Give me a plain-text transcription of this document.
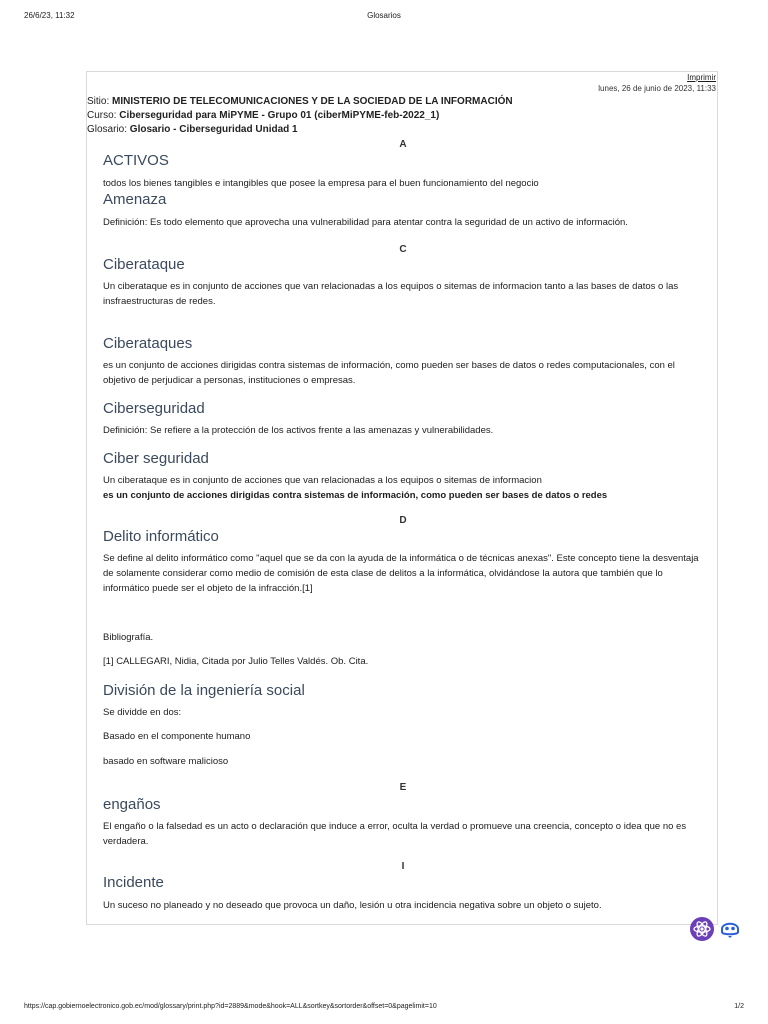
26/6/23, 11:32	Glosarios
Imprimir
lunes, 26 de junio de 2023, 11:33
Sitio: MINISTERIO DE TELECOMUNICACIONES Y DE LA SOCIEDAD DE LA INFORMACIÓN
Curso: Ciberseguridad para MiPYME - Grupo 01 (ciberMiPYME-feb-2022_1)
Glosario: Glosario - Ciberseguridad Unidad 1
A
ACTIVOS

todos los bienes tangibles e intangibles que posee la empresa para el buen funcionamiento del negocio

Amenaza

Definición: Es todo elemento que aprovecha una vulnerabilidad para atentar contra la seguridad de un activo de información.

C
Ciberataque

Un ciberataque es in conjunto de acciones que van relacionadas a los equipos o sitemas de informacion tanto a las bases de datos o las insfraestructuras de redes.

Ciberataques

es un conjunto de acciones dirigidas contra sistemas de información, como pueden ser bases de datos o redes computacionales, con el objetivo de perjudicar a personas, instituciones o empresas.

Ciberseguridad

Definición: Se refiere a la protección de los activos frente a las amenazas y vulnerabilidades.

Ciber seguridad

Un ciberataque es in conjunto de acciones que van relacionadas a los equipos o sitemas de informacion

es un conjunto de acciones dirigidas contra sistemas de información, como pueden ser bases de datos o redes

D
Delito informático

Se define al delito informático como "aquel que se da con la ayuda de la informática o de técnicas anexas". Este concepto tiene la desventaja de solamente considerar como medio de comisión de esta clase de delitos a la informática, olvidándose la autora que también que lo informático puede ser el objeto de la infracción.[1]

Bibliografía.

[1] CALLEGARI, Nidia, Citada por Julio Telles Valdés. Ob. Cita.

División de la ingeniería social

Se dividde en dos:

Basado en el componente humano

basado en software malicioso

E
engaños

El engaño o la falsedad es un acto o declaración que induce a error, oculta la verdad o promueve una creencia, concepto o idea que no es verdadera.

I
Incidente

Un suceso no planeado y no deseado que provoca un daño, lesión u otra incidencia negativa sobre un objeto o sujeto.

https://cap.gobiernoelectronico.gob.ec/mod/glossary/print.php?id=2889&mode&hook=ALL&sortkey&sortorder&offset=0&pagelimit=10	1/2
